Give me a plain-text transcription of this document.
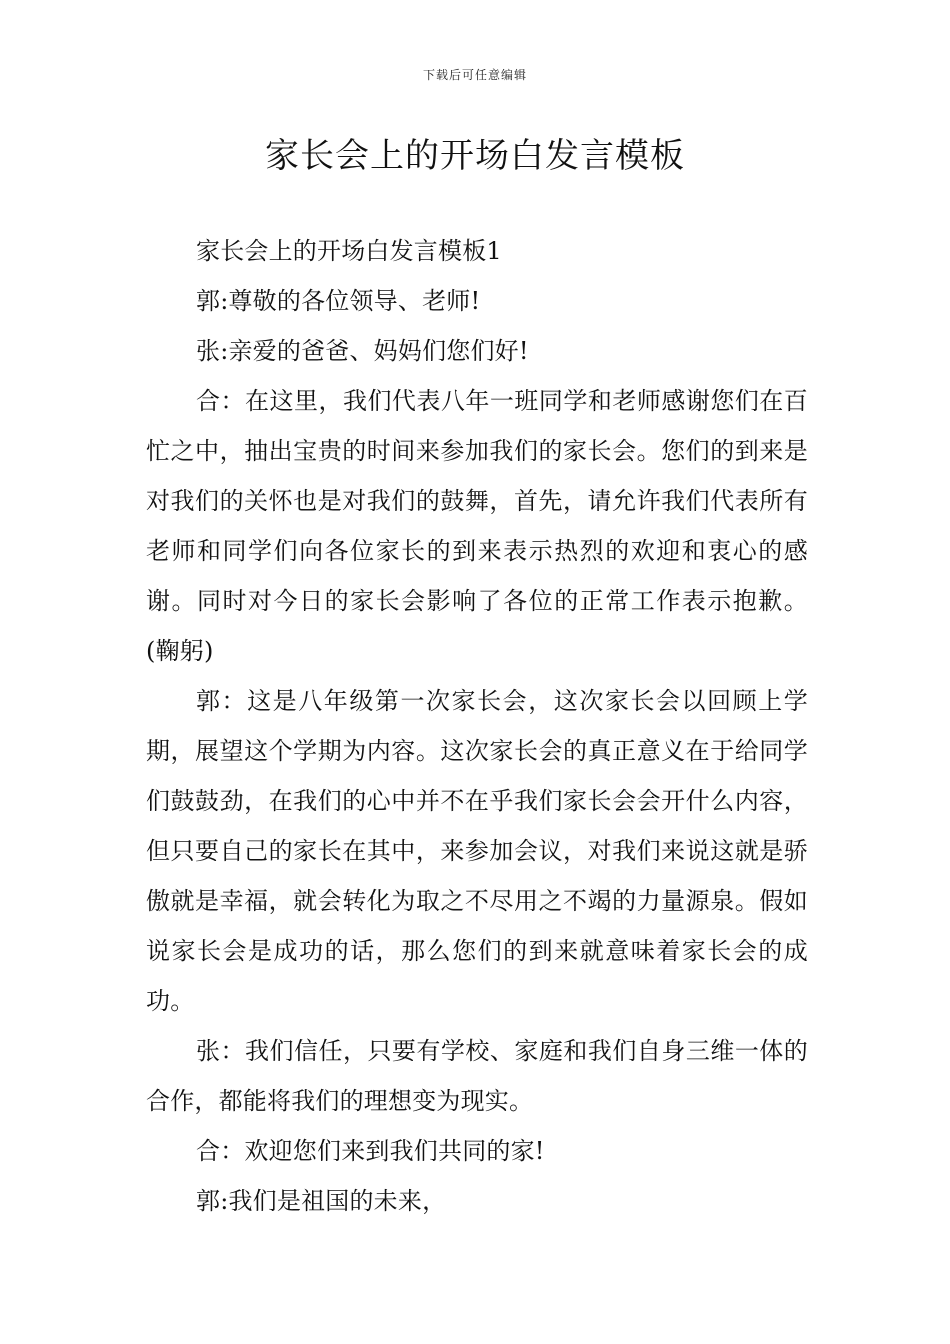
下载后可任意编辑
家长会上的开场白发言模板

家长会上的开场白发言模板1

郭:尊敬的各位领导、老师!

张:亲爱的爸爸、妈妈们您们好!

合：在这里，我们代表八年一班同学和老师感谢您们在百忙之中，抽出宝贵的时间来参加我们的家长会。您们的到来是对我们的关怀也是对我们的鼓舞，首先，请允许我们代表所有老师和同学们向各位家长的到来表示热烈的欢迎和衷心的感谢。同时对今日的家长会影响了各位的正常工作表示抱歉。(鞠躬)

郭：这是八年级第一次家长会，这次家长会以回顾上学期，展望这个学期为内容。这次家长会的真正意义在于给同学们鼓鼓劲，在我们的心中并不在乎我们家长会会开什么内容，但只要自己的家长在其中，来参加会议，对我们来说这就是骄傲就是幸福，就会转化为取之不尽用之不竭的力量源泉。假如说家长会是成功的话，那么您们的到来就意味着家长会的成功。

张：我们信任，只要有学校、家庭和我们自身三维一体的合作，都能将我们的理想变为现实。

合：欢迎您们来到我们共同的家!

郭:我们是祖国的未来，
